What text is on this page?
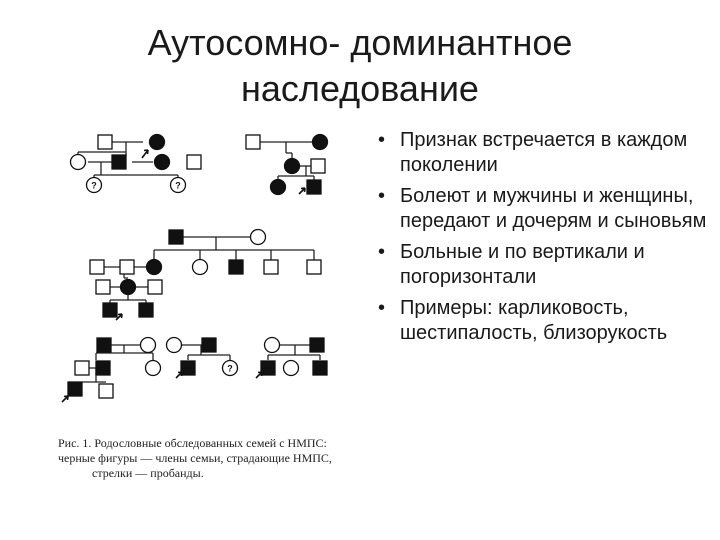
Аутосомно- доминантное
наследование
?	?
?
Рис. 1. Родословные обследованных семей с НМПС:
черные фигуры — члены семьи, страдающие НМПС,
стрелки — пробанды.
• Признак встречается в каждом поколении
• Болеют и мужчины и женщины, передают и дочерям и сыновьям
• Больные и по вертикали и погоризонтали
• Примеры: карликовость, шестипалость, близорукость
